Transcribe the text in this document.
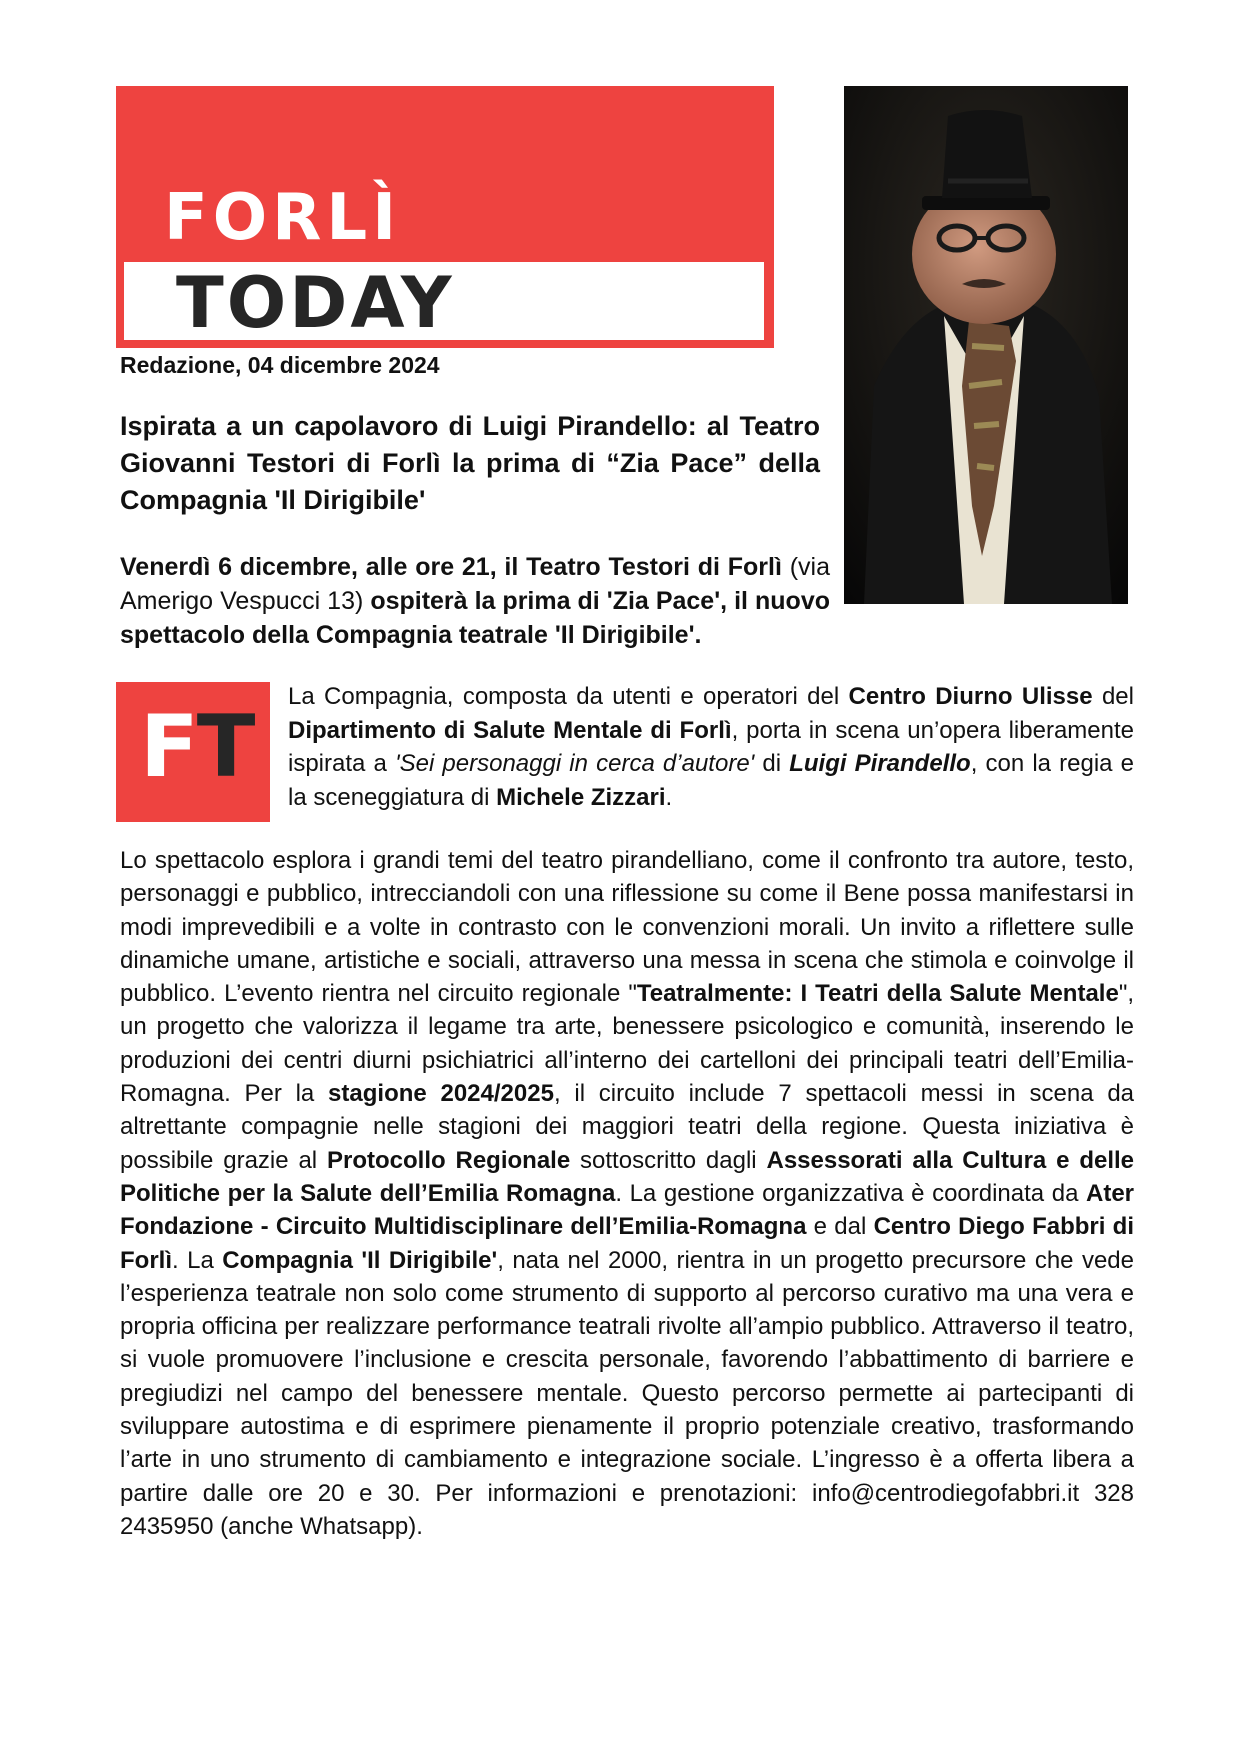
FORLÌ
TODAY
Redazione, 04 dicembre 2024
Ispirata a un capolavoro di Luigi Pirandello: al Teatro Giovanni Testori di Forlì la prima di “Zia Pace” della Compagnia 'Il Dirigibile'
Venerdì 6 dicembre, alle ore 21, il Teatro Testori di Forlì (via Amerigo Vespucci 13) ospiterà la prima di 'Zia Pace', il nuovo spettacolo della Compagnia teatrale 'Il Dirigibile'.
FT
La Compagnia, composta da utenti e operatori del Centro Diurno Ulisse del Dipartimento di Salute Mentale di Forlì, porta in scena un’opera liberamente ispirata a 'Sei personaggi in cerca d’autore' di Luigi Pirandello, con la regia e la sceneggiatura di Michele Zizzari.
Lo spettacolo esplora i grandi temi del teatro pirandelliano, come il confronto tra autore, testo, personaggi e pubblico, intrecciandoli con una riflessione su come il Bene possa manifestarsi in modi imprevedibili e a volte in contrasto con le convenzioni morali. Un invito a riflettere sulle dinamiche umane, artistiche e sociali, attraverso una messa in scena che stimola e coinvolge il pubblico. L’evento rientra nel circuito regionale "Teatralmente: I Teatri della Salute Mentale", un progetto che valorizza il legame tra arte, benessere psicologico e comunità, inserendo le produzioni dei centri diurni psichiatrici all’interno dei cartelloni dei principali teatri dell’Emilia-Romagna. Per la stagione 2024/2025, il circuito include 7 spettacoli messi in scena da altrettante compagnie nelle stagioni dei maggiori teatri della regione. Questa iniziativa è possibile grazie al Protocollo Regionale sottoscritto dagli Assessorati alla Cultura e delle Politiche per la Salute dell’Emilia Romagna. La gestione organizzativa è coordinata da Ater Fondazione - Circuito Multidisciplinare dell’Emilia-Romagna e dal Centro Diego Fabbri di Forlì. La Compagnia 'Il Dirigibile', nata nel 2000, rientra in un progetto precursore che vede l’esperienza teatrale non solo come strumento di supporto al percorso curativo ma una vera e propria officina per realizzare performance teatrali rivolte all’ampio pubblico. Attraverso il teatro, si vuole promuovere l’inclusione e crescita personale, favorendo l’abbattimento di barriere e pregiudizi nel campo del benessere mentale. Questo percorso permette ai partecipanti di sviluppare autostima e di esprimere pienamente il proprio potenziale creativo, trasformando l’arte in uno strumento di cambiamento e integrazione sociale. L’ingresso è a offerta libera a partire dalle ore 20 e 30. Per informazioni e prenotazioni: info@centrodiegofabbri.it 328 2435950 (anche Whatsapp).
